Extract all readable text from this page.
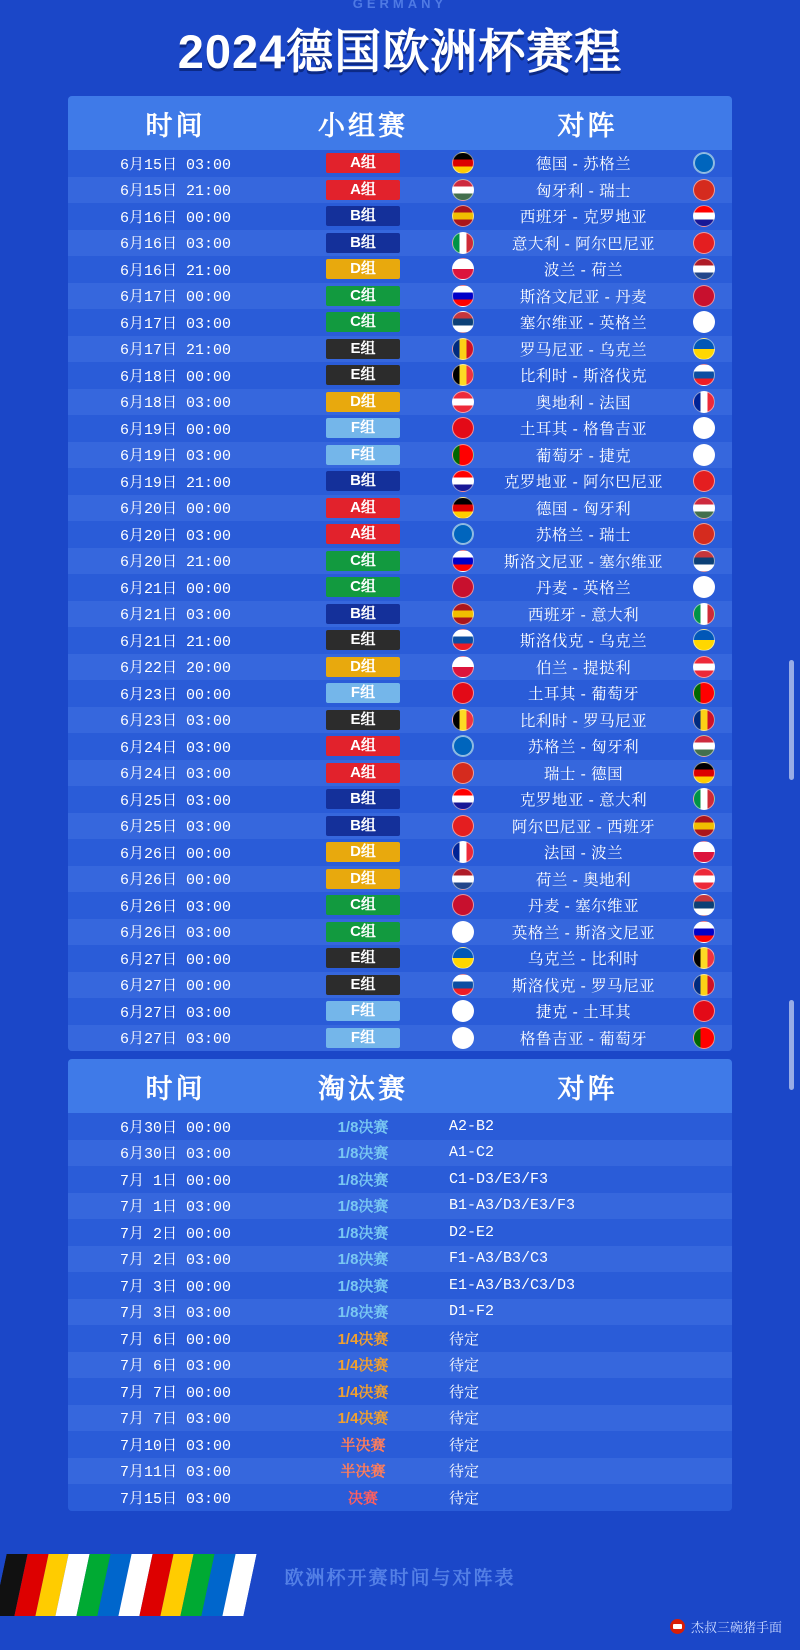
GERMANY
2024德国欧洲杯赛程
时间	小组赛	对阵
6月15日 03:00	A组	德国 - 苏格兰
6月15日 21:00	A组	匈牙利 - 瑞士
6月16日 00:00	B组	西班牙 - 克罗地亚
6月16日 03:00	B组	意大利 - 阿尔巴尼亚
6月16日 21:00	D组	波兰 - 荷兰
6月17日 00:00	C组	斯洛文尼亚 - 丹麦
6月17日 03:00	C组	塞尔维亚 - 英格兰
6月17日 21:00	E组	罗马尼亚 - 乌克兰
6月18日 00:00	E组	比利时 - 斯洛伐克
6月18日 03:00	D组	奥地利 - 法国
6月19日 00:00	F组	土耳其 - 格鲁吉亚
6月19日 03:00	F组	葡萄牙 - 捷克
6月19日 21:00	B组	克罗地亚 - 阿尔巴尼亚
6月20日 00:00	A组	德国 - 匈牙利
6月20日 03:00	A组	苏格兰 - 瑞士
6月20日 21:00	C组	斯洛文尼亚 - 塞尔维亚
6月21日 00:00	C组	丹麦 - 英格兰
6月21日 03:00	B组	西班牙 - 意大利
6月21日 21:00	E组	斯洛伐克 - 乌克兰
6月22日 20:00	D组	伯兰 - 提挞利
6月23日 00:00	F组	土耳其 - 葡萄牙
6月23日 03:00	E组	比利时 - 罗马尼亚
6月24日 03:00	A组	苏格兰 - 匈牙利
6月24日 03:00	A组	瑞士 - 德国
6月25日 03:00	B组	克罗地亚 - 意大利
6月25日 03:00	B组	阿尔巴尼亚 - 西班牙
6月26日 00:00	D组	法国 - 波兰
6月26日 00:00	D组	荷兰 - 奥地利
6月26日 03:00	C组	丹麦 - 塞尔维亚
6月26日 03:00	C组	英格兰 - 斯洛文尼亚
6月27日 00:00	E组	乌克兰 - 比利时
6月27日 00:00	E组	斯洛伐克 - 罗马尼亚
6月27日 03:00	F组	捷克 - 土耳其
6月27日 03:00	F组	格鲁吉亚 - 葡萄牙
时间	淘汰赛	对阵
6月30日 00:00	1/8决赛	A2-B2
6月30日 03:00	1/8决赛	A1-C2
7月 1日 00:00	1/8决赛	C1-D3/E3/F3
7月 1日 03:00	1/8决赛	B1-A3/D3/E3/F3
7月 2日 00:00	1/8决赛	D2-E2
7月 2日 03:00	1/8决赛	F1-A3/B3/C3
7月 3日 00:00	1/8决赛	E1-A3/B3/C3/D3
7月 3日 03:00	1/8决赛	D1-F2
7月 6日 00:00	1/4决赛	待定
7月 6日 03:00	1/4决赛	待定
7月 7日 00:00	1/4决赛	待定
7月 7日 03:00	1/4决赛	待定
7月10日 03:00	半决赛	待定
7月11日 03:00	半决赛	待定
7月15日 03:00	决赛	待定
欧洲杯开赛时间与对阵表
杰叔三碗猪手面
